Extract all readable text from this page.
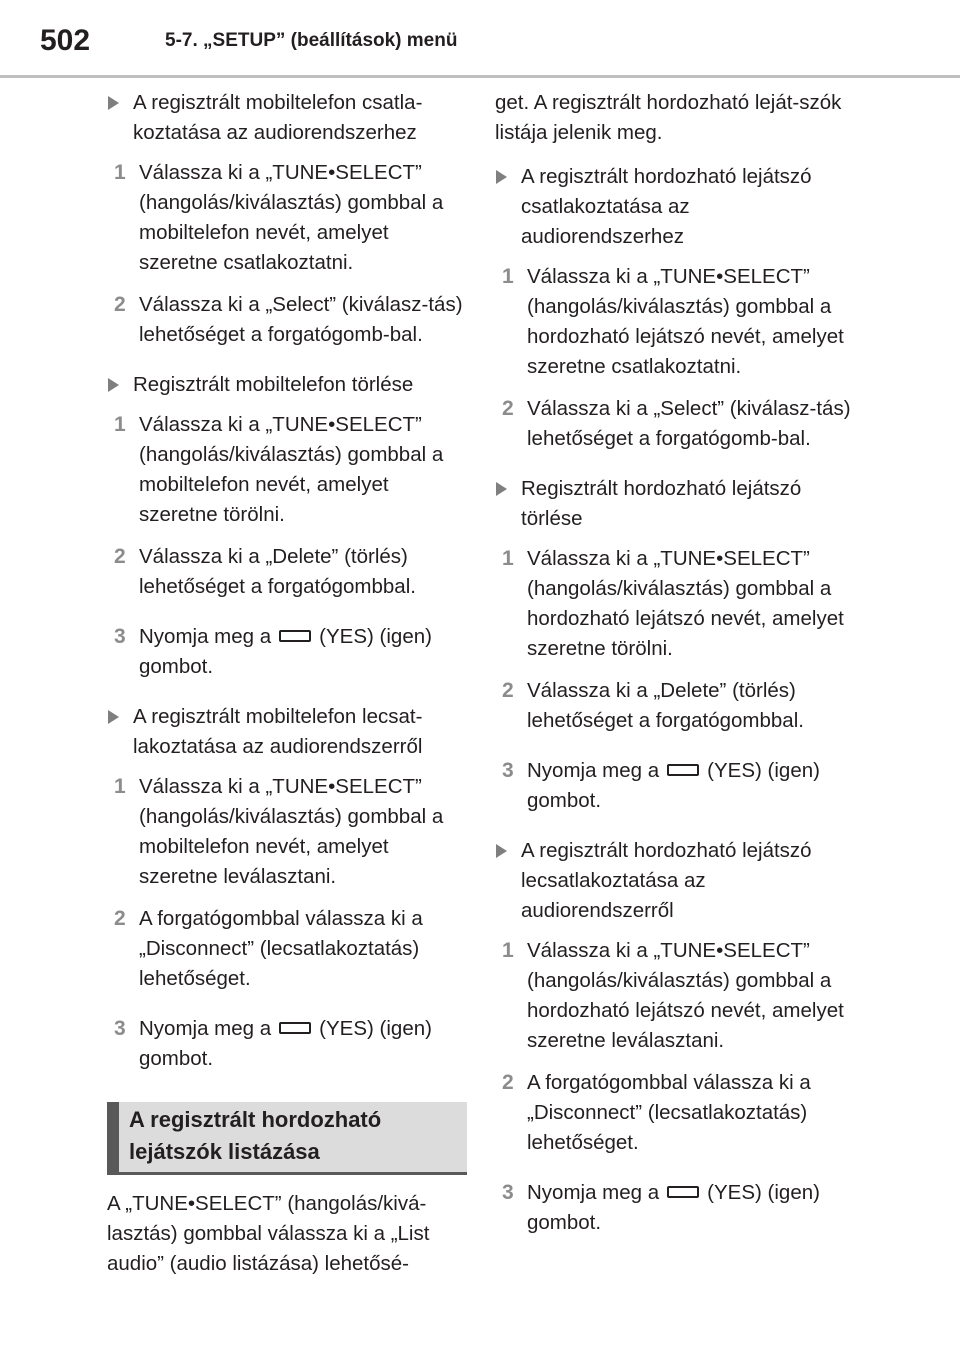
502	5-7. „SETUP” (beállítások) menü
A regisztrált mobiltelefon csatla-koztatása az audiorendszerhez
1 Válassza ki a „TUNE•SELECT” (hangolás/kiválasztás) gombbal a mobiltelefon nevét, amelyet szeretne csatlakoztatni.
2 Válassza ki a „Select” (kiválasz-tás) lehetőséget a forgatógomb-bal.
Regisztrált mobiltelefon törlése
1 Válassza ki a „TUNE•SELECT” (hangolás/kiválasztás) gombbal a mobiltelefon nevét, amelyet szeretne törölni.
2 Válassza ki a „Delete” (törlés) lehetőséget a forgatógombbal.
3 Nyomja meg a (YES) (igen) gombot.
A regisztrált mobiltelefon lecsat-lakoztatása az audiorendszerről
1 Válassza ki a „TUNE•SELECT” (hangolás/kiválasztás) gombbal a mobiltelefon nevét, amelyet szeretne leválasztani.
2 A forgatógombbal válassza ki a „Disconnect” (lecsatlakoztatás) lehetőséget.
3 Nyomja meg a (YES) (igen) gombot.
A regisztrált hordozható lejátszók listázása
A „TUNE•SELECT” (hangolás/kivá-lasztás) gombbal válassza ki a „List audio” (audio listázása) lehetősé-
get. A regisztrált hordozható leját-szók listája jelenik meg.
A regisztrált hordozható lejátszó csatlakoztatása az audiorendszerhez
1 Válassza ki a „TUNE•SELECT” (hangolás/kiválasztás) gombbal a hordozható lejátszó nevét, amelyet szeretne csatlakoztatni.
2 Válassza ki a „Select” (kiválasz-tás) lehetőséget a forgatógomb-bal.
Regisztrált hordozható lejátszó törlése
1 Válassza ki a „TUNE•SELECT” (hangolás/kiválasztás) gombbal a hordozható lejátszó nevét, amelyet szeretne törölni.
2 Válassza ki a „Delete” (törlés) lehetőséget a forgatógombbal.
3 Nyomja meg a (YES) (igen) gombot.
A regisztrált hordozható lejátszó lecsatlakoztatása az audiorendszerről
1 Válassza ki a „TUNE•SELECT” (hangolás/kiválasztás) gombbal a hordozható lejátszó nevét, amelyet szeretne leválasztani.
2 A forgatógombbal válassza ki a „Disconnect” (lecsatlakoztatás) lehetőséget.
3 Nyomja meg a (YES) (igen) gombot.
